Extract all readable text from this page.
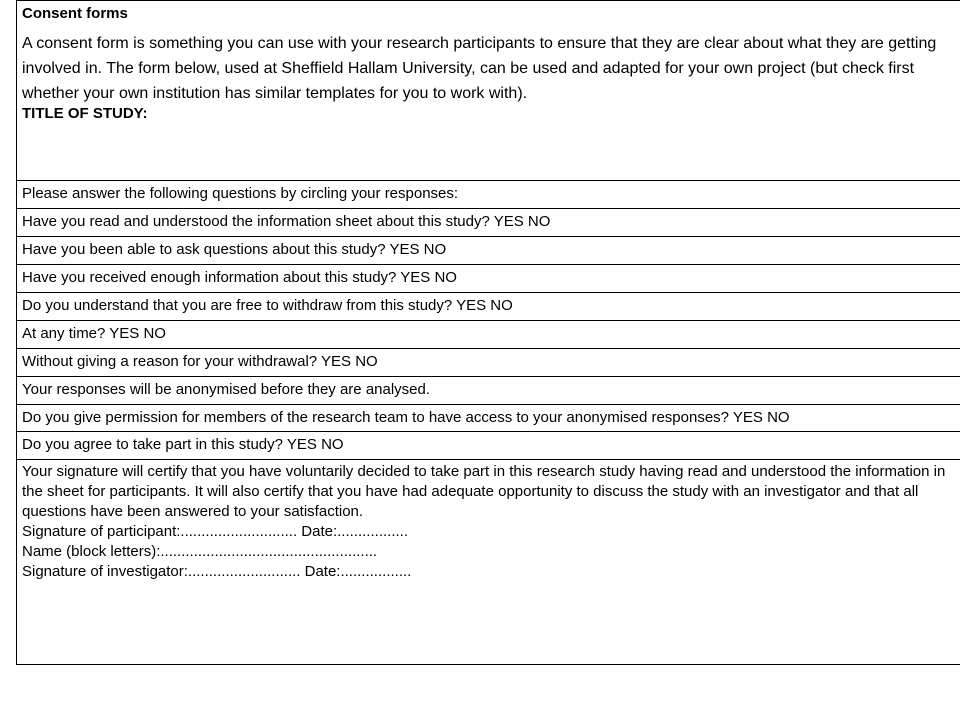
Consent forms
A consent form is something you can use with your research participants to ensure that they are clear about what they are getting involved in. The form below, used at Sheffield Hallam University, can be used and adapted for your own project (but check first whether your own institution has similar templates for you to work with).
TITLE OF STUDY:

Please answer the following questions by circling your responses:
Have you read and understood the information sheet about this study? YES NO
Have you been able to ask questions about this study? YES NO
Have you received enough information about this study? YES NO
Do you understand that you are free to withdraw from this study? YES NO
At any time? YES NO
Without giving a reason for your withdrawal? YES NO
Your responses will be anonymised before they are analysed.
Do you give permission for members of the research team to have access to your anonymised responses? YES NO
Do you agree to take part in this study? YES NO

Your signature will certify that you have voluntarily decided to take part in this research study having read and understood the information in the sheet for participants. It will also certify that you have had adequate opportunity to discuss the study with an investigator and that all questions have been answered to your satisfaction.
Signature of participant:............................ Date:.................
Name (block letters):....................................................
Signature of investigator:........................... Date:.................
